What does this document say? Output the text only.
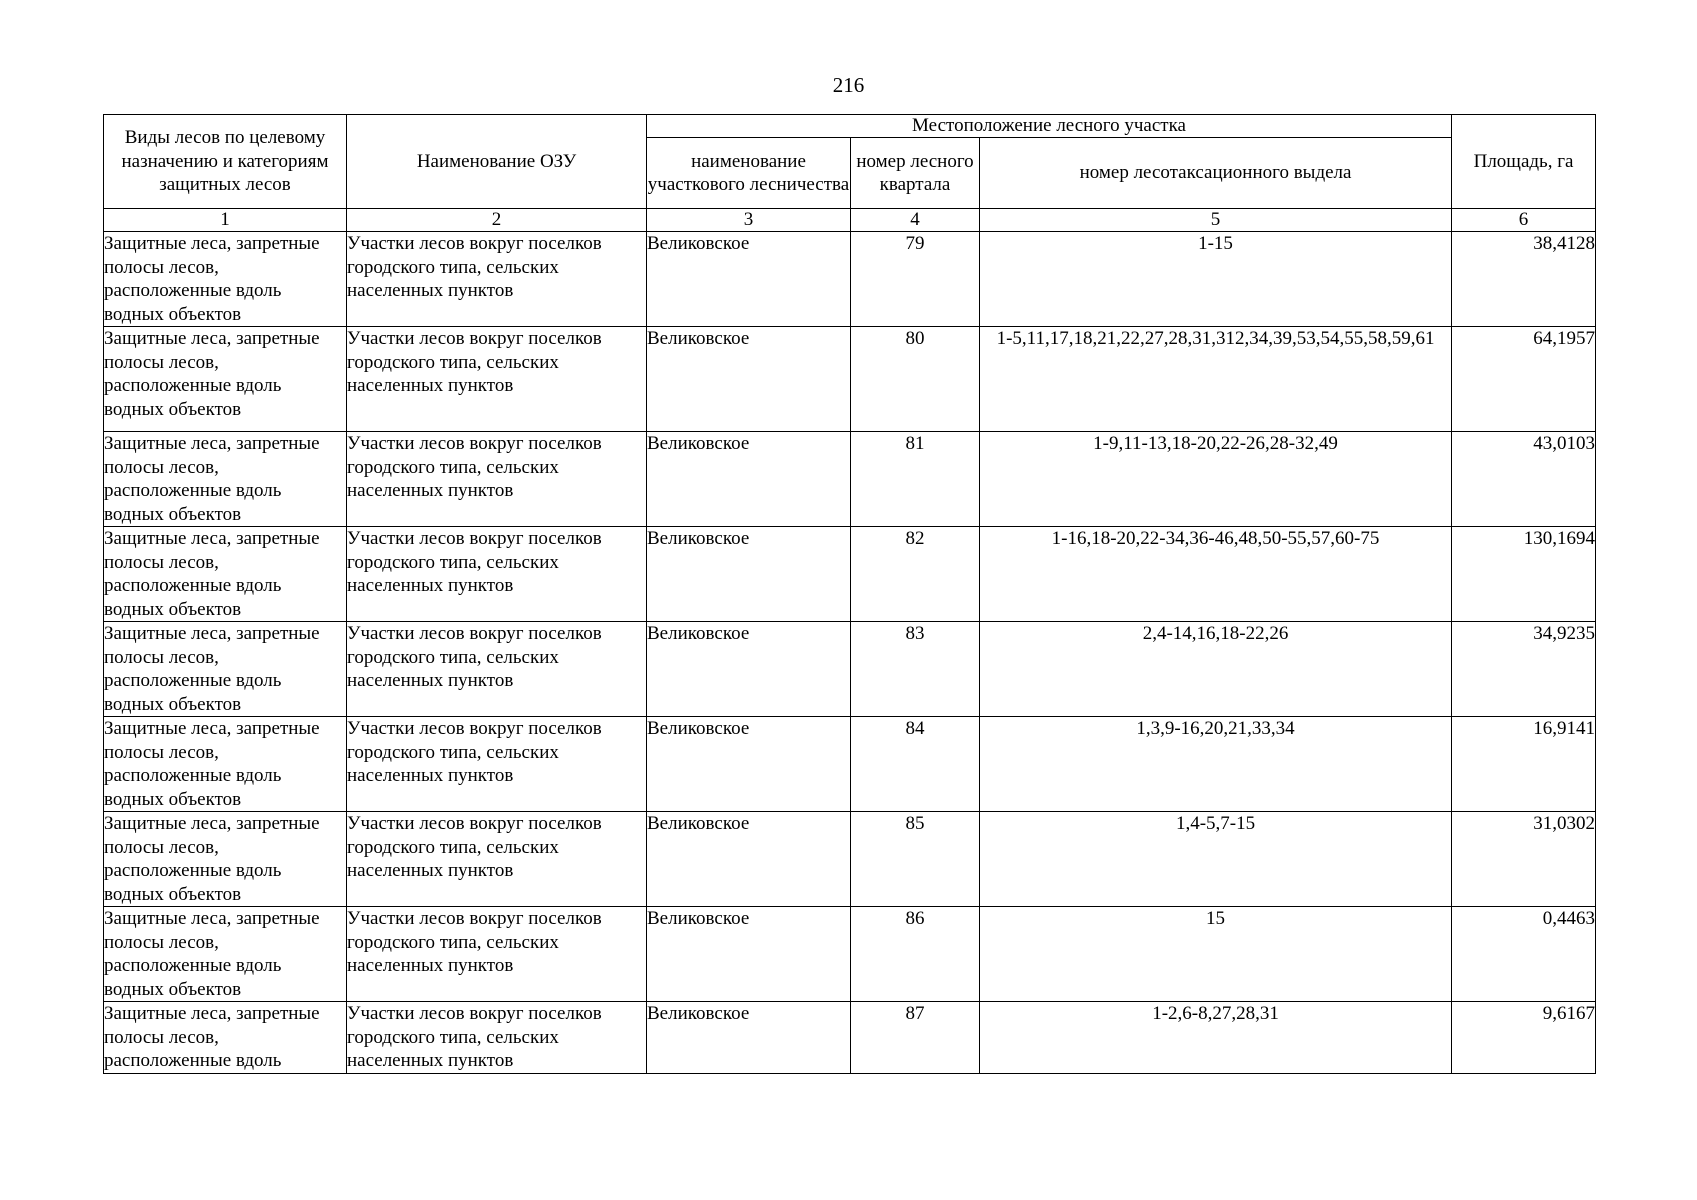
216
Виды лесов по целевому назначению и категориям защитных лесов	Наименование ОЗУ	Местоположение лесного участка			Площадь, га
		наименование участкового лесничества	номер лесного квартала	номер лесотаксационного выдела	
1	2	3	4	5	6
Защитные леса, запретные полосы лесов, расположенные вдоль водных объектов	Участки лесов вокруг поселков городского типа, сельских населенных пунктов	Великовское	79	1-15	38,4128
Защитные леса, запретные полосы лесов, расположенные вдоль водных объектов	Участки лесов вокруг поселков городского типа, сельских населенных пунктов	Великовское	80	1-5,11,17,18,21,22,27,28,31,312,34,39,53,54,55,58,59,61	64,1957
Защитные леса, запретные полосы лесов, расположенные вдоль водных объектов	Участки лесов вокруг поселков городского типа, сельских населенных пунктов	Великовское	81	1-9,11-13,18-20,22-26,28-32,49	43,0103
Защитные леса, запретные полосы лесов, расположенные вдоль водных объектов	Участки лесов вокруг поселков городского типа, сельских населенных пунктов	Великовское	82	1-16,18-20,22-34,36-46,48,50-55,57,60-75	130,1694
Защитные леса, запретные полосы лесов, расположенные вдоль водных объектов	Участки лесов вокруг поселков городского типа, сельских населенных пунктов	Великовское	83	2,4-14,16,18-22,26	34,9235
Защитные леса, запретные полосы лесов, расположенные вдоль водных объектов	Участки лесов вокруг поселков городского типа, сельских населенных пунктов	Великовское	84	1,3,9-16,20,21,33,34	16,9141
Защитные леса, запретные полосы лесов, расположенные вдоль водных объектов	Участки лесов вокруг поселков городского типа, сельских населенных пунктов	Великовское	85	1,4-5,7-15	31,0302
Защитные леса, запретные полосы лесов, расположенные вдоль водных объектов	Участки лесов вокруг поселков городского типа, сельских населенных пунктов	Великовское	86	15	0,4463
Защитные леса, запретные полосы лесов, расположенные вдоль	Участки лесов вокруг поселков городского типа, сельских населенных пунктов	Великовское	87	1-2,6-8,27,28,31	9,6167
